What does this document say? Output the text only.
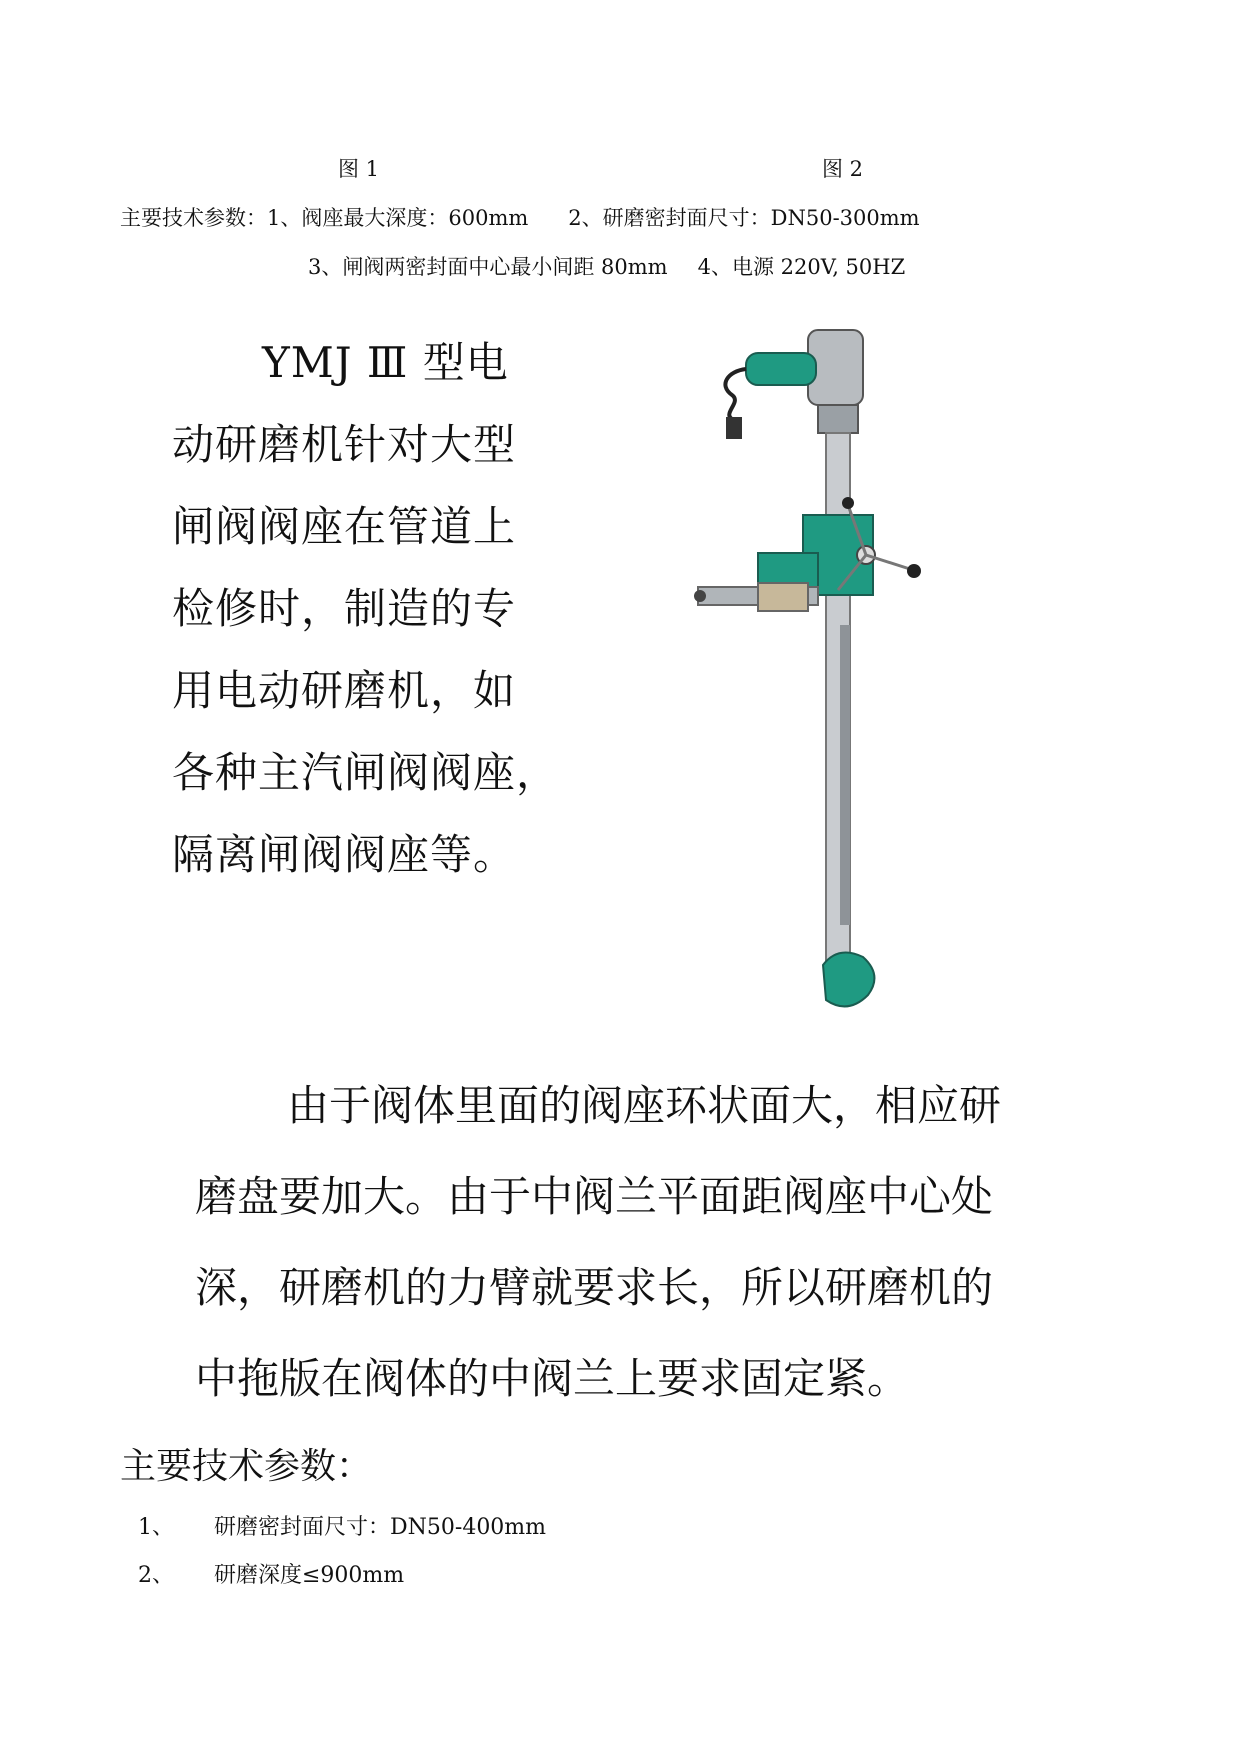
图 1	图 2
主要技术参数：1、阀座最大深度：600mm 2、研磨密封面尺寸：DN50-300mm
3、闸阀两密封面中心最小间距 80mm 4、电源 220V, 50HZ
YMJ Ⅲ 型电
动研磨机针对大型
闸阀阀座在管道上
检修时，制造的专
用电动研磨机，如
各种主汽闸阀阀座，
隔离闸阀阀座等。
由于阀体里面的阀座环状面大，相应研
磨盘要加大。由于中阀兰平面距阀座中心处
深，研磨机的力臂就要求长，所以研磨机的
中拖版在阀体的中阀兰上要求固定紧。
主要技术参数：
1、 研磨密封面尺寸：DN50-400mm
2、 研磨深度≤900mm
